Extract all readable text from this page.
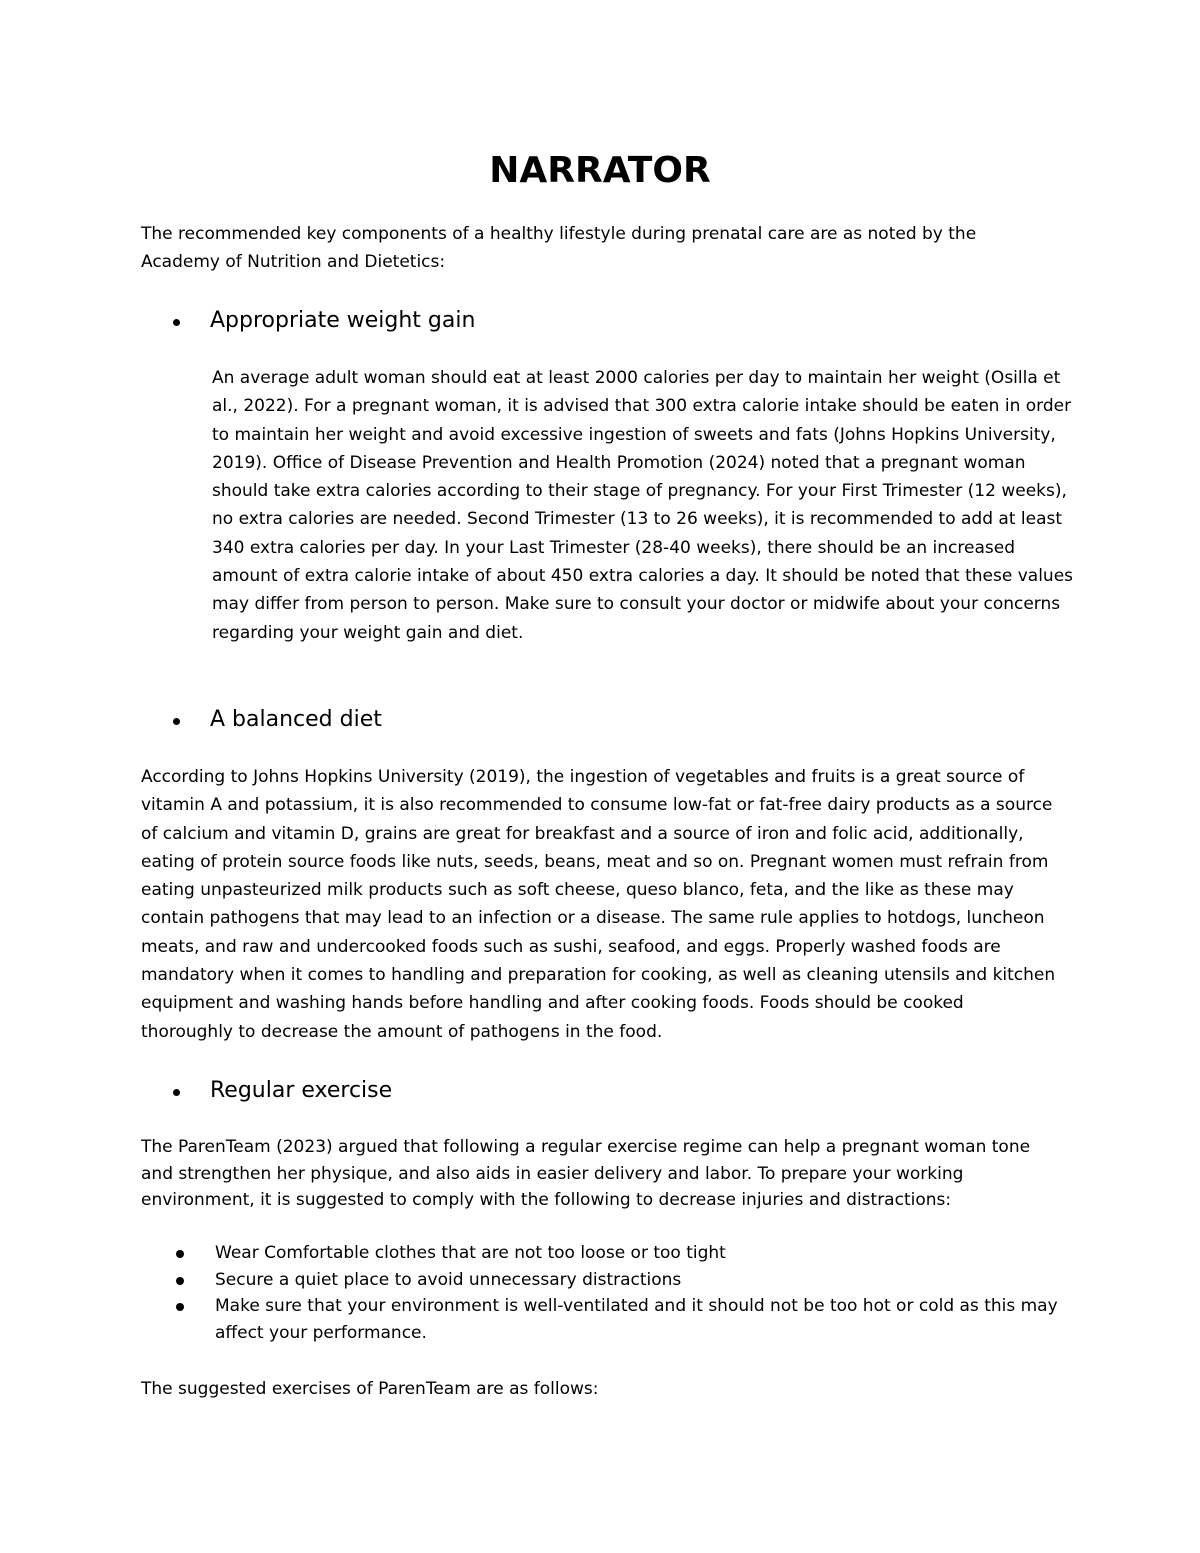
NARRATOR

The recommended key components of a healthy lifestyle during prenatal care are as noted by the Academy of Nutrition and Dietetics:

Appropriate weight gain

An average adult woman should eat at least 2000 calories per day to maintain her weight (Osilla et al., 2022). For a pregnant woman, it is advised that 300 extra calorie intake should be eaten in order to maintain her weight and avoid excessive ingestion of sweets and fats (Johns Hopkins University, 2019). Office of Disease Prevention and Health Promotion (2024) noted that a pregnant woman should take extra calories according to their stage of pregnancy. For your First Trimester (12 weeks), no extra calories are needed. Second Trimester (13 to 26 weeks), it is recommended to add at least 340 extra calories per day. In your Last Trimester (28-40 weeks), there should be an increased amount of extra calorie intake of about 450 extra calories a day. It should be noted that these values may differ from person to person. Make sure to consult your doctor or midwife about your concerns regarding your weight gain and diet.

A balanced diet

According to Johns Hopkins University (2019), the ingestion of vegetables and fruits is a great source of vitamin A and potassium, it is also recommended to consume low-fat or fat-free dairy products as a source of calcium and vitamin D, grains are great for breakfast and a source of iron and folic acid, additionally, eating of protein source foods like nuts, seeds, beans, meat and so on. Pregnant women must refrain from eating unpasteurized milk products such as soft cheese, queso blanco, feta, and the like as these may contain pathogens that may lead to an infection or a disease. The same rule applies to hotdogs, luncheon meats, and raw and undercooked foods such as sushi, seafood, and eggs. Properly washed foods are mandatory when it comes to handling and preparation for cooking, as well as cleaning utensils and kitchen equipment and washing hands before handling and after cooking foods. Foods should be cooked thoroughly to decrease the amount of pathogens in the food.

Regular exercise

The ParenTeam (2023) argued that following a regular exercise regime can help a pregnant woman tone and strengthen her physique, and also aids in easier delivery and labor. To prepare your working environment, it is suggested to comply with the following to decrease injuries and distractions:

Wear Comfortable clothes that are not too loose or too tight
Secure a quiet place to avoid unnecessary distractions
Make sure that your environment is well-ventilated and it should not be too hot or cold as this may affect your performance.

The suggested exercises of ParenTeam are as follows:
